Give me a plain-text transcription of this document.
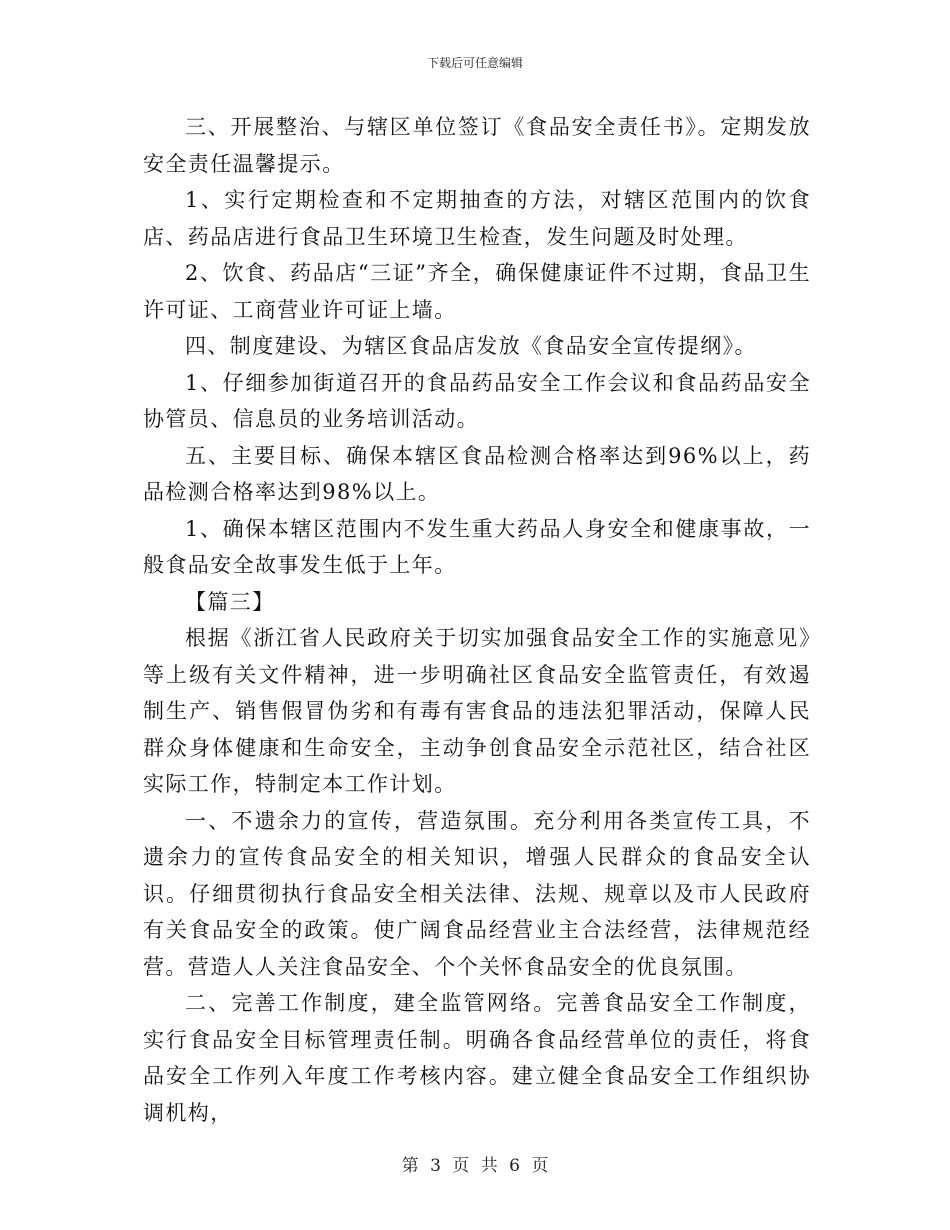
下载后可任意编辑

三、开展整治、与辖区单位签订《食品安全责任书》。定期发放安全责任温馨提示。

1、实行定期检查和不定期抽查的方法，对辖区范围内的饮食店、药品店进行食品卫生环境卫生检查，发生问题及时处理。

2、饮食、药品店“三证”齐全，确保健康证件不过期，食品卫生许可证、工商营业许可证上墙。

四、制度建设、为辖区食品店发放《食品安全宣传提纲》。

1、仔细参加街道召开的食品药品安全工作会议和食品药品安全协管员、信息员的业务培训活动。

五、主要目标、确保本辖区食品检测合格率达到96%以上，药品检测合格率达到98%以上。

1、确保本辖区范围内不发生重大药品人身安全和健康事故，一般食品安全故事发生低于上年。

【篇三】

根据《浙江省人民政府关于切实加强食品安全工作的实施意见》等上级有关文件精神，进一步明确社区食品安全监管责任，有效遏制生产、销售假冒伪劣和有毒有害食品的违法犯罪活动，保障人民群众身体健康和生命安全，主动争创食品安全示范社区，结合社区实际工作，特制定本工作计划。

一、不遗余力的宣传，营造氛围。充分利用各类宣传工具，不遗余力的宣传食品安全的相关知识，增强人民群众的食品安全认识。仔细贯彻执行食品安全相关法律、法规、规章以及市人民政府有关食品安全的政策。使广阔食品经营业主合法经营，法律规范经营。营造人人关注食品安全、个个关怀食品安全的优良氛围。

二、完善工作制度，建全监管网络。完善食品安全工作制度，实行食品安全目标管理责任制。明确各食品经营单位的责任，将食品安全工作列入年度工作考核内容。建立健全食品安全工作组织协调机构，

第 3 页 共 6 页
